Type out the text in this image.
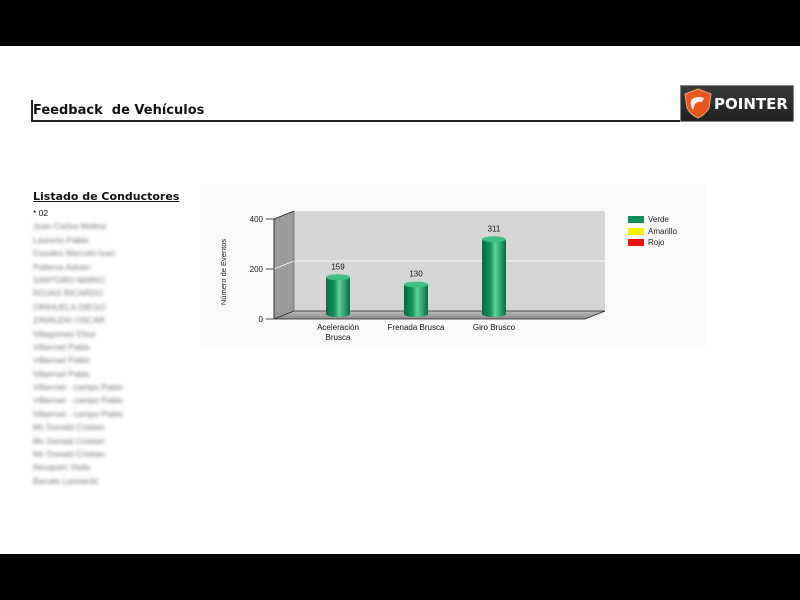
Feedback  de Vehículos	POINTER
Listado de Conductores
* 02
Juan Carlos Molina
Laureno Pablo
Casales Marcelo Ivan
Palleros Adrian
SANTORO MARIO
ROJAS RICARDO
ORIHUELA DIEGO
ZAVALEKI OSCAR
Villagomez Elisa
Villarroel Pablo
Villarroel Pablo
Villarroel Pablo
Villarroel - campo Pablo
Villarroel - campo Pablo
Villarroel - campo Pablo
Mc Donald Cristian
Mc Donald Cristian
Mc Donald Cristian
Neuquen Visita
Barutto Leonardo
0
200
400
Número de Eventos	159
130
311
Aceleración
Brusca
Frenada Brusca	Giro Brusco
Verde
Amarillo
Rojo
